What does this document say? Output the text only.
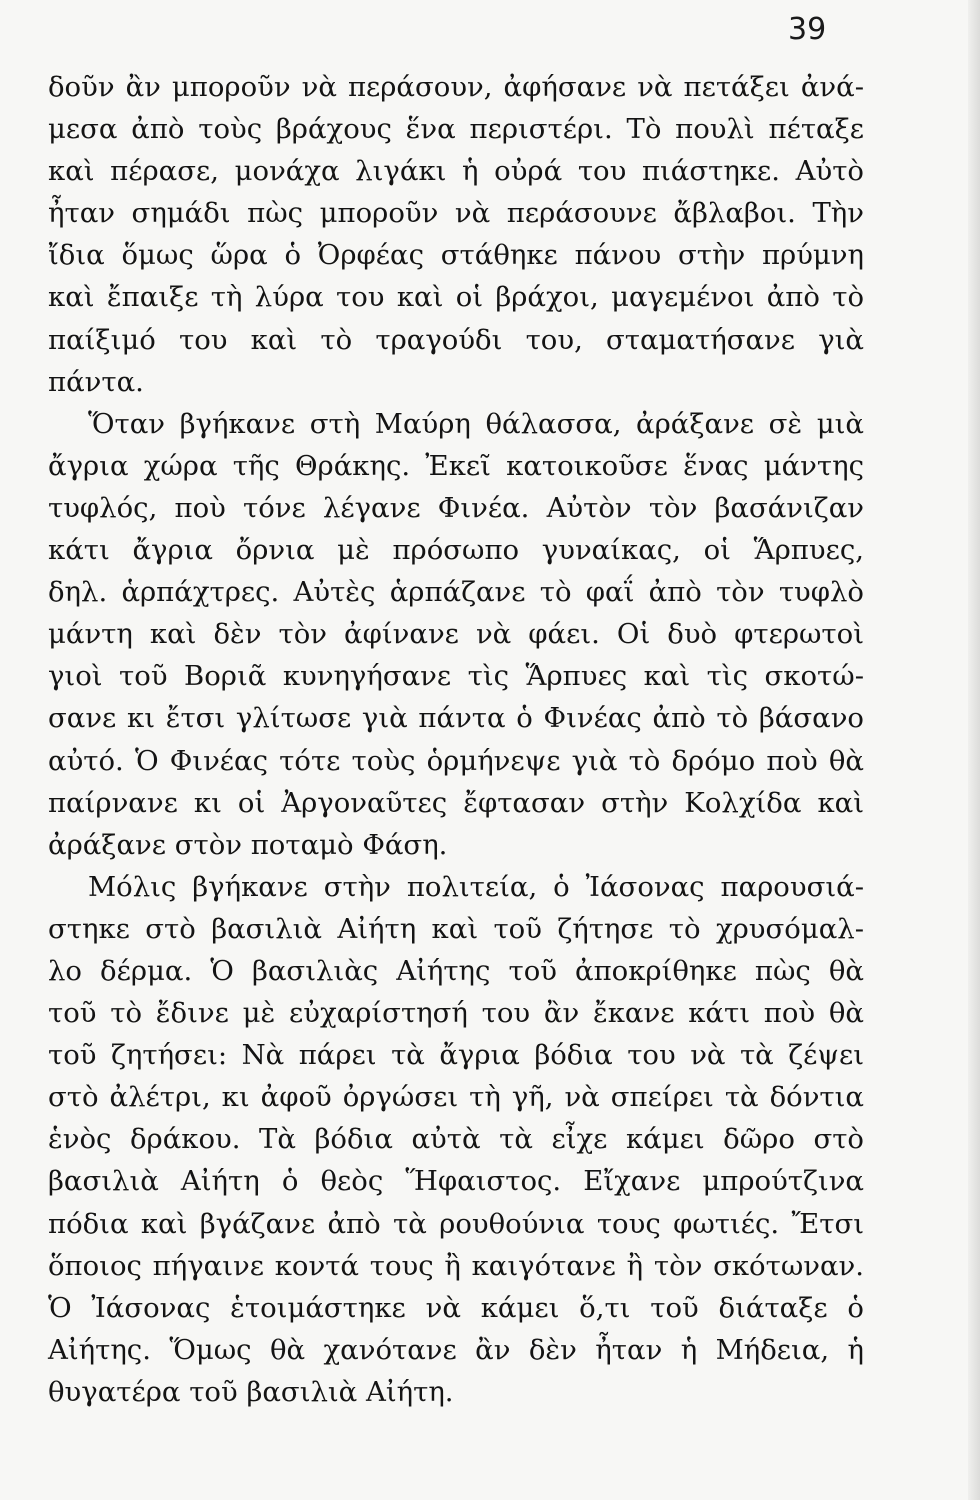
39
δοῦν ἂν μποροῦν νὰ περάσουν, ἀφήσανε νὰ πετάξει ἀνά-
μεσα ἀπὸ τοὺς βράχους ἕνα περιστέρι. Τὸ πουλὶ πέταξε
καὶ πέρασε, μονάχα λιγάκι ἡ οὐρά του πιάστηκε. Αὐτὸ
ἦταν σημάδι πὼς μποροῦν νὰ περάσουνε ἄβλαβοι. Τὴν
ἴδια ὅμως ὥρα ὁ Ὀρφέας στάθηκε πάνου στὴν πρύμνη
καὶ ἔπαιξε τὴ λύρα του καὶ οἱ βράχοι, μαγεμένοι ἀπὸ τὸ
παίξιμό του καὶ τὸ τραγούδι του, σταματήσανε γιὰ
πάντα.
Ὅταν βγήκανε στὴ Μαύρη θάλασσα, ἀράξανε σὲ μιὰ
ἄγρια χώρα τῆς Θράκης. Ἐκεῖ κατοικοῦσε ἕνας μάντης
τυφλός, ποὺ τόνε λέγανε Φινέα. Αὐτὸν τὸν βασάνιζαν
κάτι ἄγρια ὄρνια μὲ πρόσωπο γυναίκας, οἱ Ἅρπυες,
δηλ. ἁρπάχτρες. Αὐτὲς ἁρπάζανε τὸ φαΐ ἀπὸ τὸν τυφλὸ
μάντη καὶ δὲν τὸν ἀφίνανε νὰ φάει. Οἱ δυὸ φτερωτοὶ
γιοὶ τοῦ Βοριᾶ κυνηγήσανε τὶς Ἅρπυες καὶ τὶς σκοτώ-
σανε κι ἔτσι γλίτωσε γιὰ πάντα ὁ Φινέας ἀπὸ τὸ βάσανο
αὐτό. Ὁ Φινέας τότε τοὺς ὁρμήνεψε γιὰ τὸ δρόμο ποὺ θὰ
παίρνανε κι οἱ Ἀργοναῦτες ἔφτασαν στὴν Κολχίδα καὶ
ἀράξανε στὸν ποταμὸ Φάση.
Μόλις βγήκανε στὴν πολιτεία, ὁ Ἰάσονας παρουσιά-
στηκε στὸ βασιλιὰ Αἰήτη καὶ τοῦ ζήτησε τὸ χρυσόμαλ-
λο δέρμα. Ὁ βασιλιὰς Αἰήτης τοῦ ἀποκρίθηκε πὼς θὰ
τοῦ τὸ ἔδινε μὲ εὐχαρίστησή του ἂν ἔκανε κάτι ποὺ θὰ
τοῦ ζητήσει: Νὰ πάρει τὰ ἄγρια βόδια του νὰ τὰ ζέψει
στὸ ἀλέτρι, κι ἀφοῦ ὀργώσει τὴ γῆ, νὰ σπείρει τὰ δόντια
ἑνὸς δράκου. Τὰ βόδια αὐτὰ τὰ εἶχε κάμει δῶρο στὸ
βασιλιὰ Αἰήτη ὁ θεὸς Ἥφαιστος. Εἴχανε μπρούτζινα
πόδια καὶ βγάζανε ἀπὸ τὰ ρουθούνια τους φωτιές. Ἔτσι
ὅποιος πήγαινε κοντά τους ἢ καιγότανε ἢ τὸν σκότωναν.
Ὁ Ἰάσονας ἑτοιμάστηκε νὰ κάμει ὅ,τι τοῦ διάταξε ὁ
Αἰήτης. Ὅμως θὰ χανότανε ἂν δὲν ἦταν ἡ Μήδεια, ἡ
θυγατέρα τοῦ βασιλιὰ Αἰήτη.
